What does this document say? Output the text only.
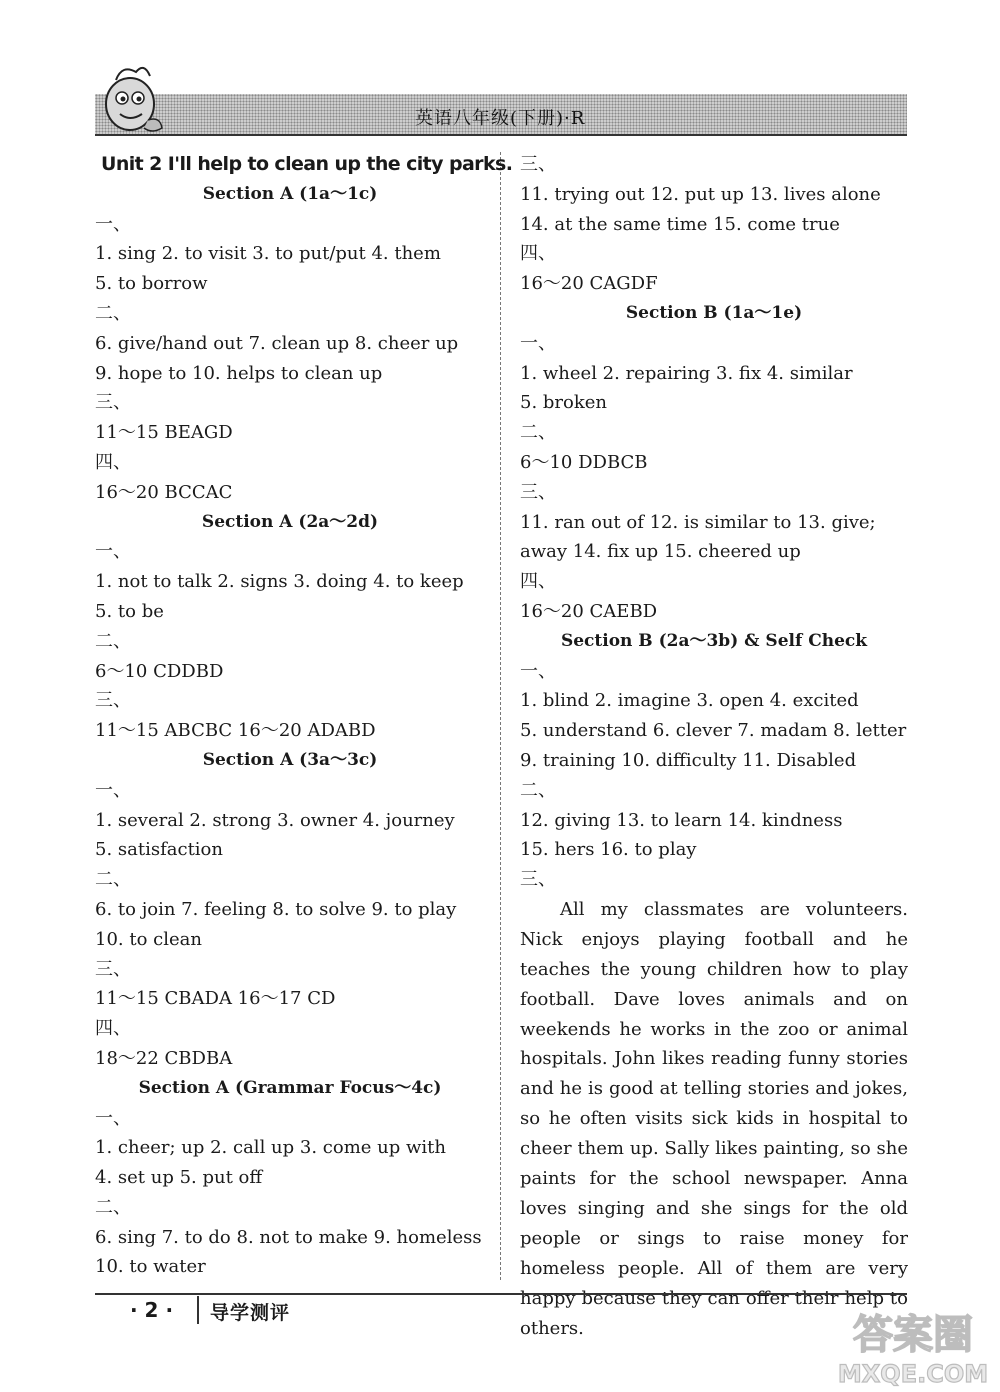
英语八年级(下册)·R
Unit 2 I'll help to clean up the city parks.
Section A (1a～1c)
一、
1. sing 2. to visit 3. to put/put 4. them
5. to borrow
二、
6. give/hand out 7. clean up 8. cheer up
9. hope to 10. helps to clean up
三、
11～15 BEAGD
四、
16～20 BCCAC
Section A (2a～2d)
一、
1. not to talk 2. signs 3. doing 4. to keep
5. to be
二、
6～10 CDDBD
三、
11～15 ABCBC 16～20 ADABD
Section A (3a～3c)
一、
1. several 2. strong 3. owner 4. journey
5. satisfaction
二、
6. to join 7. feeling 8. to solve 9. to play
10. to clean
三、
11～15 CBADA 16～17 CD
四、
18～22 CBDBA
Section A (Grammar Focus～4c)
一、
1. cheer; up 2. call up 3. come up with
4. set up 5. put off
二、
6. sing 7. to do 8. not to make 9. homeless
10. to water
三、
11. trying out 12. put up 13. lives alone
14. at the same time 15. come true
四、
16～20 CAGDF
Section B (1a～1e)
一、
1. wheel 2. repairing 3. fix 4. similar
5. broken
二、
6～10 DDBCB
三、
11. ran out of 12. is similar to 13. give;
away 14. fix up 15. cheered up
四、
16～20 CAEBD
Section B (2a～3b) & Self Check
一、
1. blind 2. imagine 3. open 4. excited
5. understand 6. clever 7. madam 8. letter
9. training 10. difficulty 11. Disabled
二、
12. giving 13. to learn 14. kindness
15. hers 16. to play
三、

All my classmates are volunteers. Nick enjoys playing football and he teaches the young children how to play football. Dave loves animals and on weekends he works in the zoo or animal hospitals. John likes reading funny stories and he is good at telling stories and jokes, so he often visits sick kids in hospital to cheer them up. Sally likes painting, so she paints for the school newspaper. Anna loves singing and she sings for the old people or sings to raise money for homeless people. All of them are very happy because they can offer their help to others.

· 2 · 导学测评	答案圈
MXQE.COM
